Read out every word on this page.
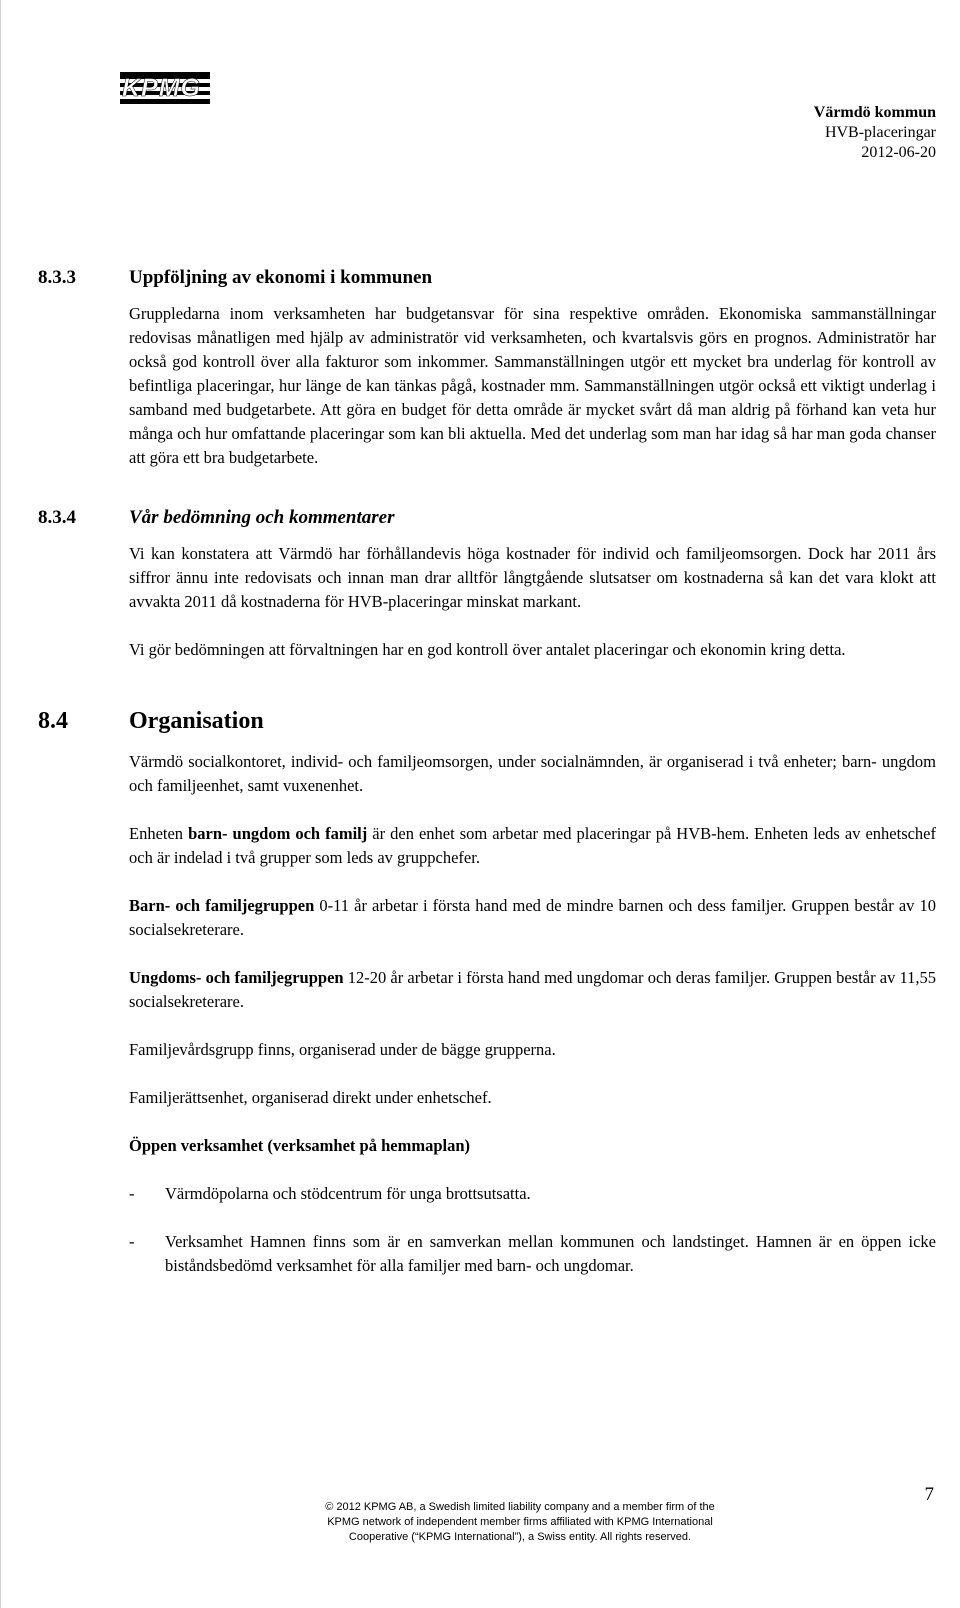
KPMG
Värmdö kommun
HVB-placeringar
2012-06-20
8.3.3	Uppföljning av ekonomi i kommunen

Gruppledarna inom verksamheten har budgetansvar för sina respektive områden. Ekonomiska sammanställningar redovisas månatligen med hjälp av administratör vid verksamheten, och kvartalsvis görs en prognos. Administratör har också god kontroll över alla fakturor som inkommer. Sammanställningen utgör ett mycket bra underlag för kontroll av befintliga placeringar, hur länge de kan tänkas pågå, kostnader mm. Sammanställningen utgör också ett viktigt underlag i samband med budgetarbete. Att göra en budget för detta område är mycket svårt då man aldrig på förhand kan veta hur många och hur omfattande placeringar som kan bli aktuella. Med det underlag som man har idag så har man goda chanser att göra ett bra budgetarbete.

8.3.4	Vår bedömning och kommentarer

Vi kan konstatera att Värmdö har förhållandevis höga kostnader för individ och familjeomsorgen. Dock har 2011 års siffror ännu inte redovisats och innan man drar alltför långtgående slutsatser om kostnaderna så kan det vara klokt att avvakta 2011 då kostnaderna för HVB-placeringar minskat markant.

Vi gör bedömningen att förvaltningen har en god kontroll över antalet placeringar och ekonomin kring detta.

8.4	Organisation

Värmdö socialkontoret, individ- och familjeomsorgen, under socialnämnden, är organiserad i två enheter; barn- ungdom och familjeenhet, samt vuxenenhet.

Enheten barn- ungdom och familj är den enhet som arbetar med placeringar på HVB-hem. Enheten leds av enhetschef och är indelad i två grupper som leds av gruppchefer.

Barn- och familjegruppen 0-11 år arbetar i första hand med de mindre barnen och dess familjer. Gruppen består av 10 socialsekreterare.

Ungdoms- och familjegruppen 12-20 år arbetar i första hand med ungdomar och deras familjer. Gruppen består av 11,55 socialsekreterare.

Familjevårdsgrupp finns, organiserad under de bägge grupperna.

Familjerättsenhet, organiserad direkt under enhetschef.

Öppen verksamhet (verksamhet på hemmaplan)

-	Värmdöpolarna och stödcentrum för unga brottsutsatta.
-	Verksamhet Hamnen finns som är en samverkan mellan kommunen och landstinget. Hamnen är en öppen icke biståndsbedömd verksamhet för alla familjer med barn- och ungdomar.
© 2012 KPMG AB, a Swedish limited liability company and a member firm of the
KPMG network of independent member firms affiliated with KPMG International
Cooperative (“KPMG International”), a Swiss entity. All rights reserved.
7
